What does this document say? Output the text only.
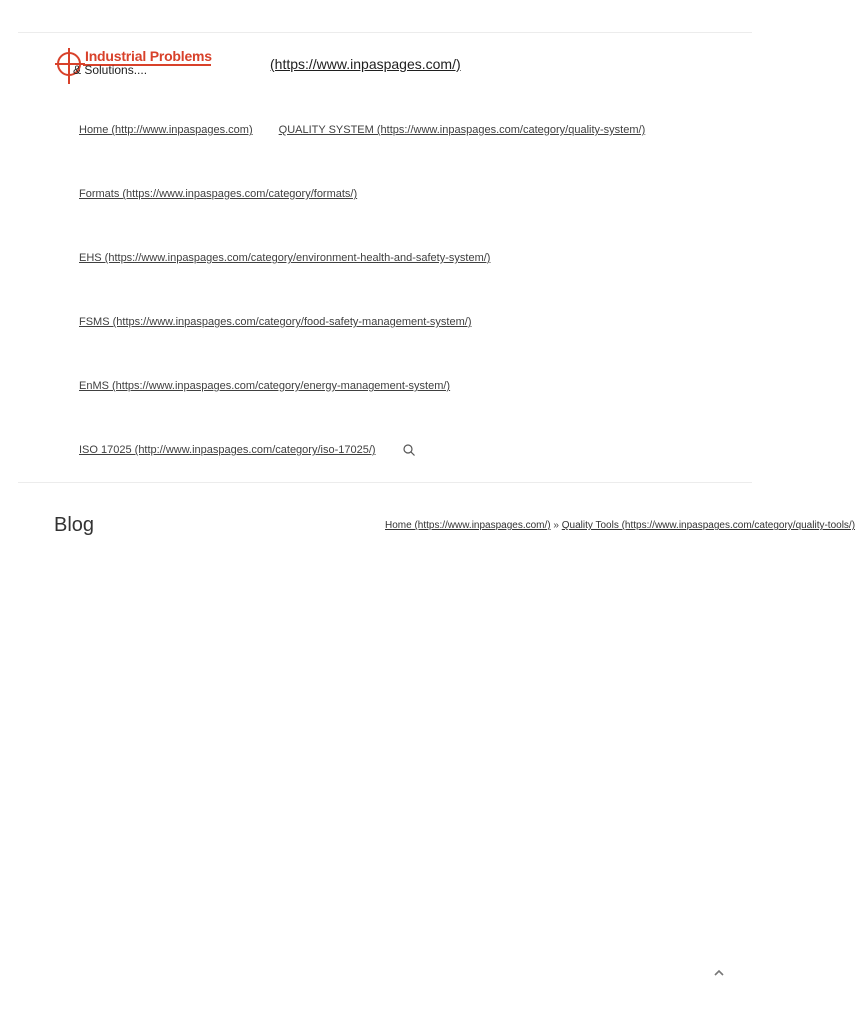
Industrial Problems
& Solutions....	(https://www.inpaspages.com/)
Home (http://www.inpaspages.com) QUALITY SYSTEM (https://www.inpaspages.com/category/quality-system/)
Formats (https://www.inpaspages.com/category/formats/)
EHS (https://www.inpaspages.com/category/environment-health-and-safety-system/)
FSMS (https://www.inpaspages.com/category/food-safety-management-system/)
EnMS (https://www.inpaspages.com/category/energy-management-system/)
ISO 17025 (http://www.inpaspages.com/category/iso-17025/)
Blog	Home (https://www.inpaspages.com/) » Quality Tools (https://www.inpaspages.com/category/quality-tools/)
